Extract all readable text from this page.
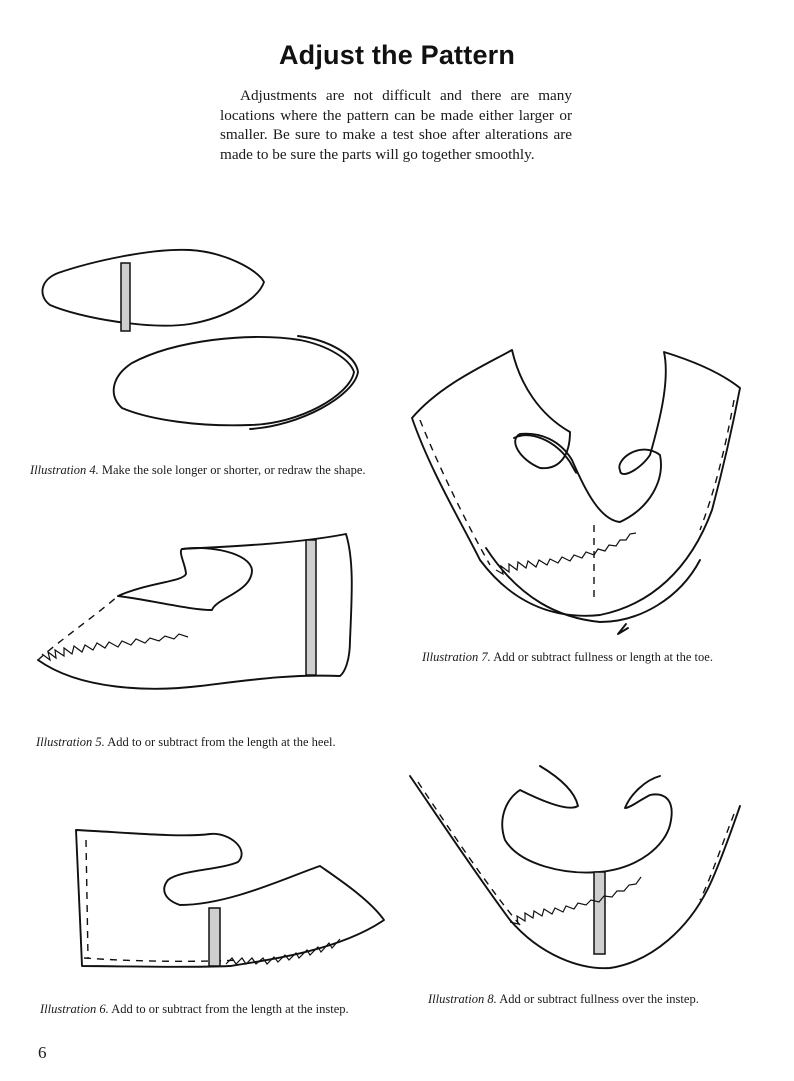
Adjust the Pattern
Adjustments are not difficult and there are many locations where the pattern can be made either larger or smaller. Be sure to make a test shoe after alterations are made to be sure the parts will go together smoothly.
Illustration 4. Make the sole longer or shorter, or redraw the shape.
Illustration 5. Add to or subtract from the length at the heel.
Illustration 6. Add to or subtract from the length at the instep.
Illustration 7. Add or subtract fullness or length at the toe.
Illustration 8. Add or subtract fullness over the instep.
6
